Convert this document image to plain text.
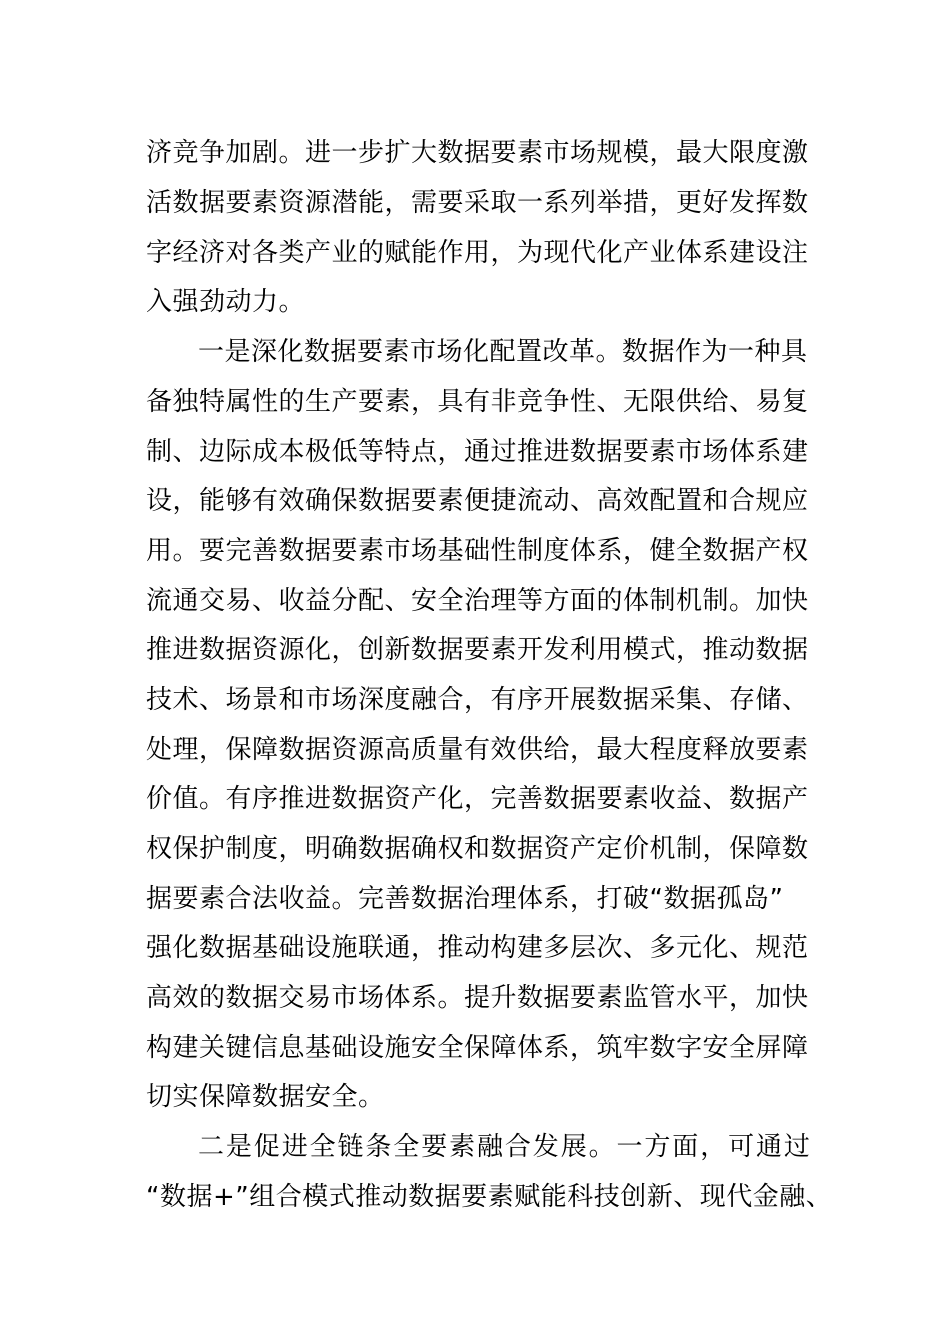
济竞争加剧。进一步扩大数据要素市场规模，最大限度激
活数据要素资源潜能，需要采取一系列举措，更好发挥数
字经济对各类产业的赋能作用，为现代化产业体系建设注
入强劲动力。
一是深化数据要素市场化配置改革。数据作为一种具
备独特属性的生产要素，具有非竞争性、无限供给、易复
制、边际成本极低等特点，通过推进数据要素市场体系建
设，能够有效确保数据要素便捷流动、高效配置和合规应
用。要完善数据要素市场基础性制度体系，健全数据产权
流通交易、收益分配、安全治理等方面的体制机制。加快
推进数据资源化，创新数据要素开发利用模式，推动数据
技术、场景和市场深度融合，有序开展数据采集、存储、
处理，保障数据资源高质量有效供给，最大程度释放要素
价值。有序推进数据资产化，完善数据要素收益、数据产
权保护制度，明确数据确权和数据资产定价机制，保障数
据要素合法收益。完善数据治理体系，打破“数据孤岛”
强化数据基础设施联通，推动构建多层次、多元化、规范
高效的数据交易市场体系。提升数据要素监管水平，加快
构建关键信息基础设施安全保障体系，筑牢数字安全屏障
切实保障数据安全。
二是促进全链条全要素融合发展。一方面，可通过
“数据+”组合模式推动数据要素赋能科技创新、现代金融、
